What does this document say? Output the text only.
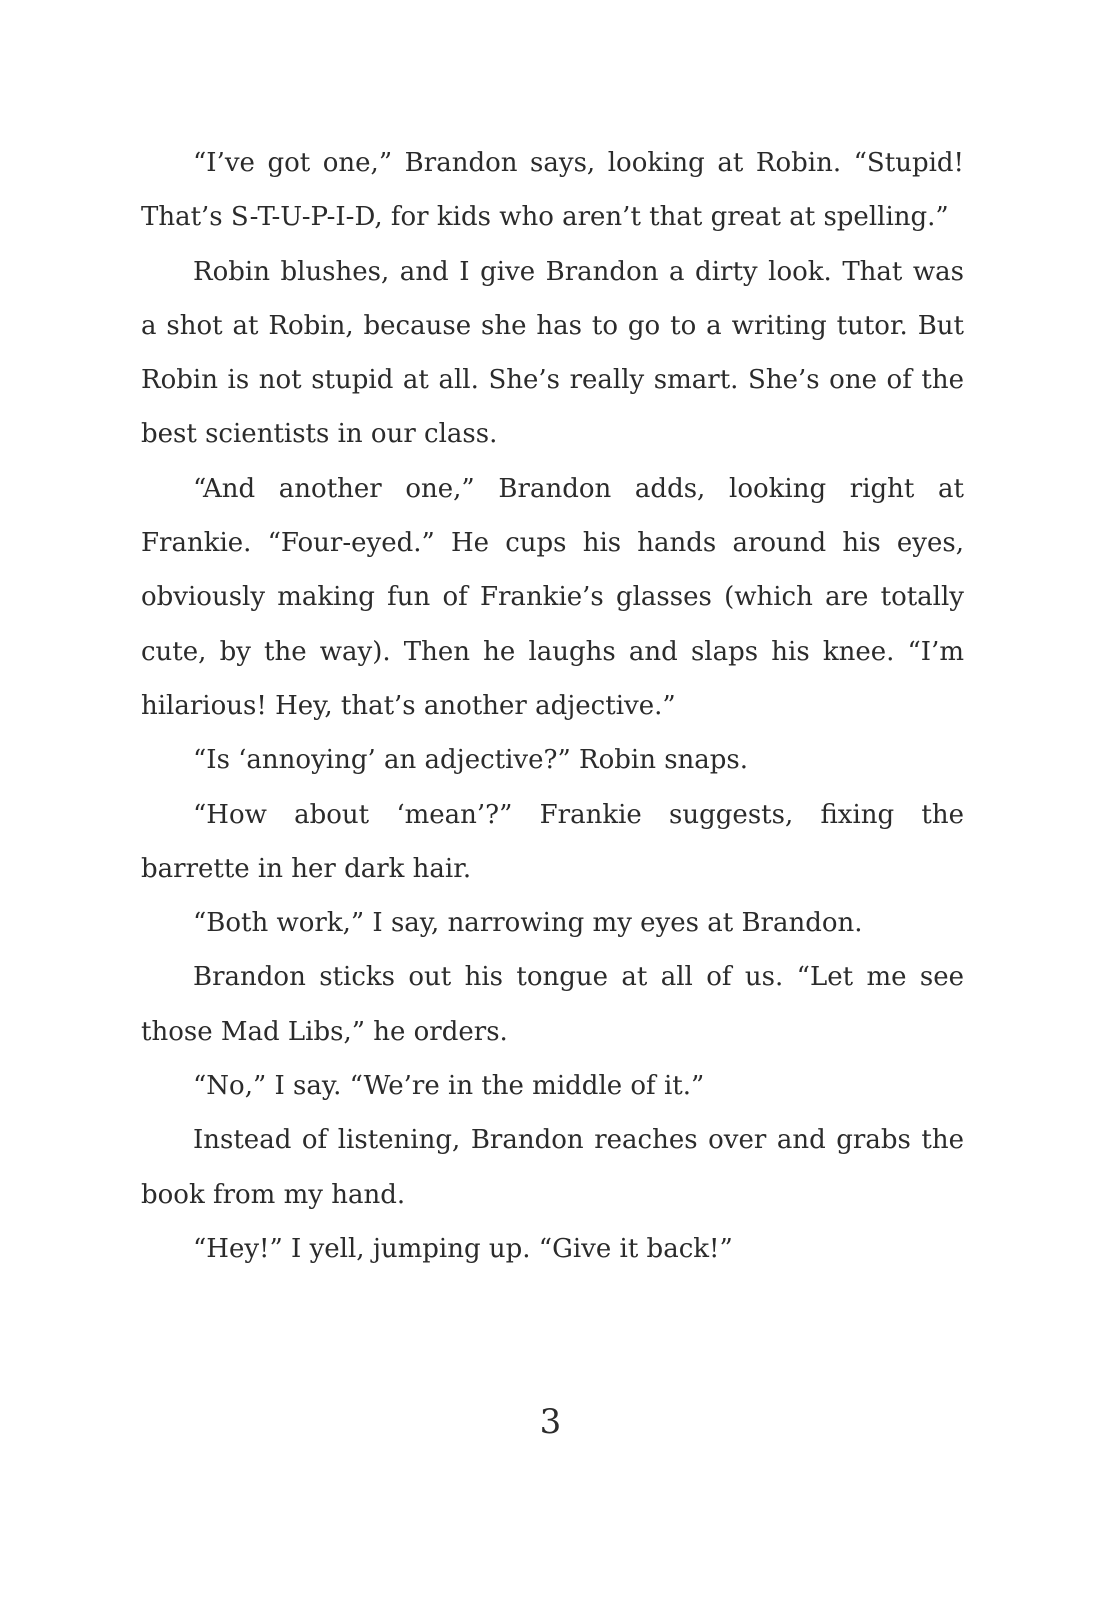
“I’ve got one,” Brandon says, looking at Robin. “Stupid! That’s S-T-U-P-I-D, for kids who aren’t that great at spelling.”

Robin blushes, and I give Brandon a dirty look. That was a shot at Robin, because she has to go to a writing tutor. But Robin is not stupid at all. She’s really smart. She’s one of the best scientists in our class.

“And another one,” Brandon adds, looking right at Frankie. “Four-eyed.” He cups his hands around his eyes, obviously making fun of Frankie’s glasses (which are totally cute, by the way). Then he laughs and slaps his knee. “I’m hilarious! Hey, that’s another adjective.”

“Is ‘annoying’ an adjective?” Robin snaps.

“How about ‘mean’?” Frankie suggests, fixing the barrette in her dark hair.

“Both work,” I say, narrowing my eyes at Brandon.

Brandon sticks out his tongue at all of us. “Let me see those Mad Libs,” he orders.

“No,” I say. “We’re in the middle of it.”

Instead of listening, Brandon reaches over and grabs the book from my hand.

“Hey!” I yell, jumping up. “Give it back!”

3
